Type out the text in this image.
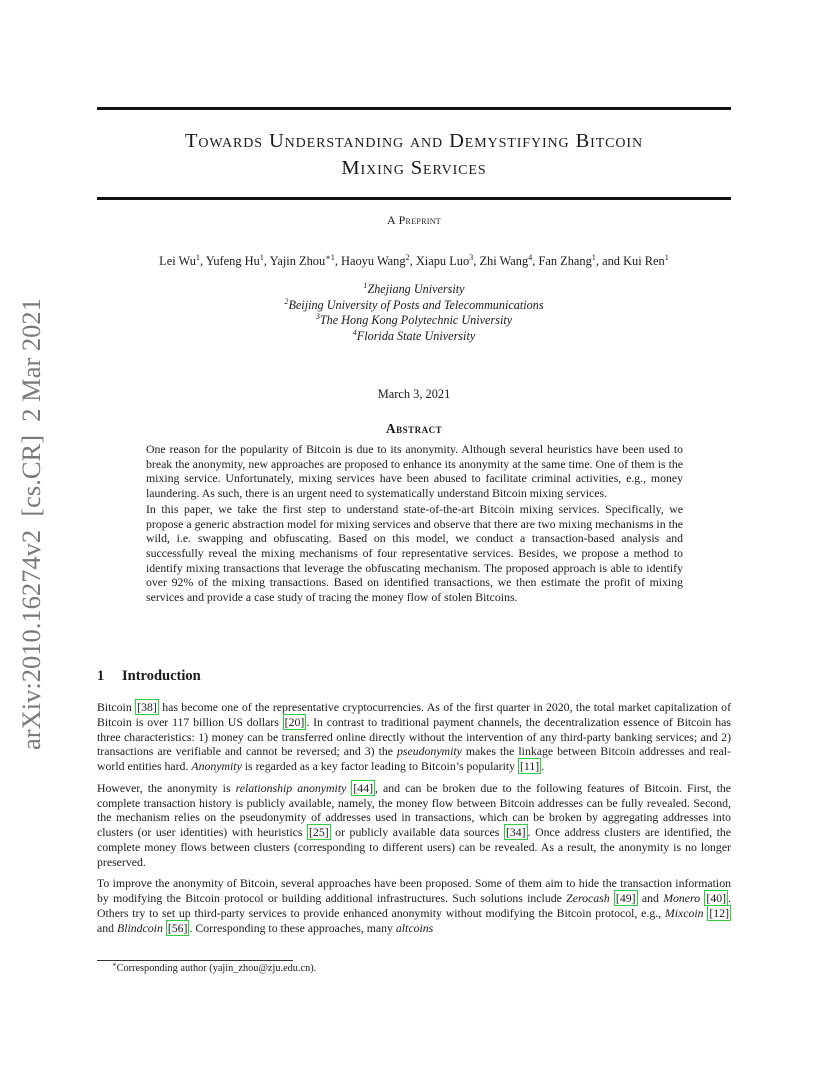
arXiv:2010.16274v2  [cs.CR]  2 Mar 2021
Towards Understanding and Demystifying Bitcoin
Mixing Services
A Preprint
Lei Wu$^1$, Yufeng Hu$^1$, Yajin Zhou$^{∗1}$, Haoyu Wang$^2$, Xiapu Luo$^3$, Zhi Wang$^4$, Fan Zhang$^1$, and Kui Ren$^1$
$^1$Zhejiang University
$^2$Beijing University of Posts and Telecommunications
$^3$The Hong Kong Polytechnic University
$^4$Florida State University
March 3, 2021
Abstract

One reason for the popularity of Bitcoin is due to its anonymity. Although several heuristics have been used to break the anonymity, new approaches are proposed to enhance its anonymity at the same time. One of them is the mixing service. Unfortunately, mixing services have been abused to facilitate criminal activities, e.g., money laundering. As such, there is an urgent need to systematically understand Bitcoin mixing services.

In this paper, we take the first step to understand state-of-the-art Bitcoin mixing services. Specifically, we propose a generic abstraction model for mixing services and observe that there are two mixing mechanisms in the wild, i.e. swapping and obfuscating. Based on this model, we conduct a transaction-based analysis and successfully reveal the mixing mechanisms of four representative services. Besides, we propose a method to identify mixing transactions that leverage the obfuscating mechanism. The proposed approach is able to identify over 92% of the mixing transactions. Based on identified transactions, we then estimate the profit of mixing services and provide a case study of tracing the money flow of stolen Bitcoins.

1 Introduction

Bitcoin [38] has become one of the representative cryptocurrencies. As of the first quarter in 2020, the total market capitalization of Bitcoin is over 117 billion US dollars [20] . In contrast to traditional payment channels, the decentralization essence of Bitcoin has three characteristics: 1) money can be transferred online directly without the intervention of any third-party banking services; and 2) transactions are verifiable and cannot be reversed; and 3) the pseudonymity makes the linkage between Bitcoin addresses and real-world entities hard. Anonymity is regarded as a key factor leading to Bitcoin’s popularity [11] .

However, the anonymity is relationship anonymity [44] , and can be broken due to the following features of Bitcoin. First, the complete transaction history is publicly available, namely, the money flow between Bitcoin addresses can be fully revealed. Second, the mechanism relies on the pseudonymity of addresses used in transactions, which can be broken by aggregating addresses into clusters (or user identities) with heuristics [25] or publicly available data sources [34] . Once address clusters are identified, the complete money flows between clusters (corresponding to different users) can be revealed. As a result, the anonymity is no longer preserved.

To improve the anonymity of Bitcoin, several approaches have been proposed. Some of them aim to hide the transaction information by modifying the Bitcoin protocol or building additional infrastructures. Such solutions include Zerocash [49] and Monero [40] . Others try to set up third-party services to provide enhanced anonymity without modifying the Bitcoin protocol, e.g., Mixcoin [12] and Blindcoin [56] . Corresponding to these approaches, many altcoins

∗Corresponding author (yajin_zhou@zju.edu.cn).
